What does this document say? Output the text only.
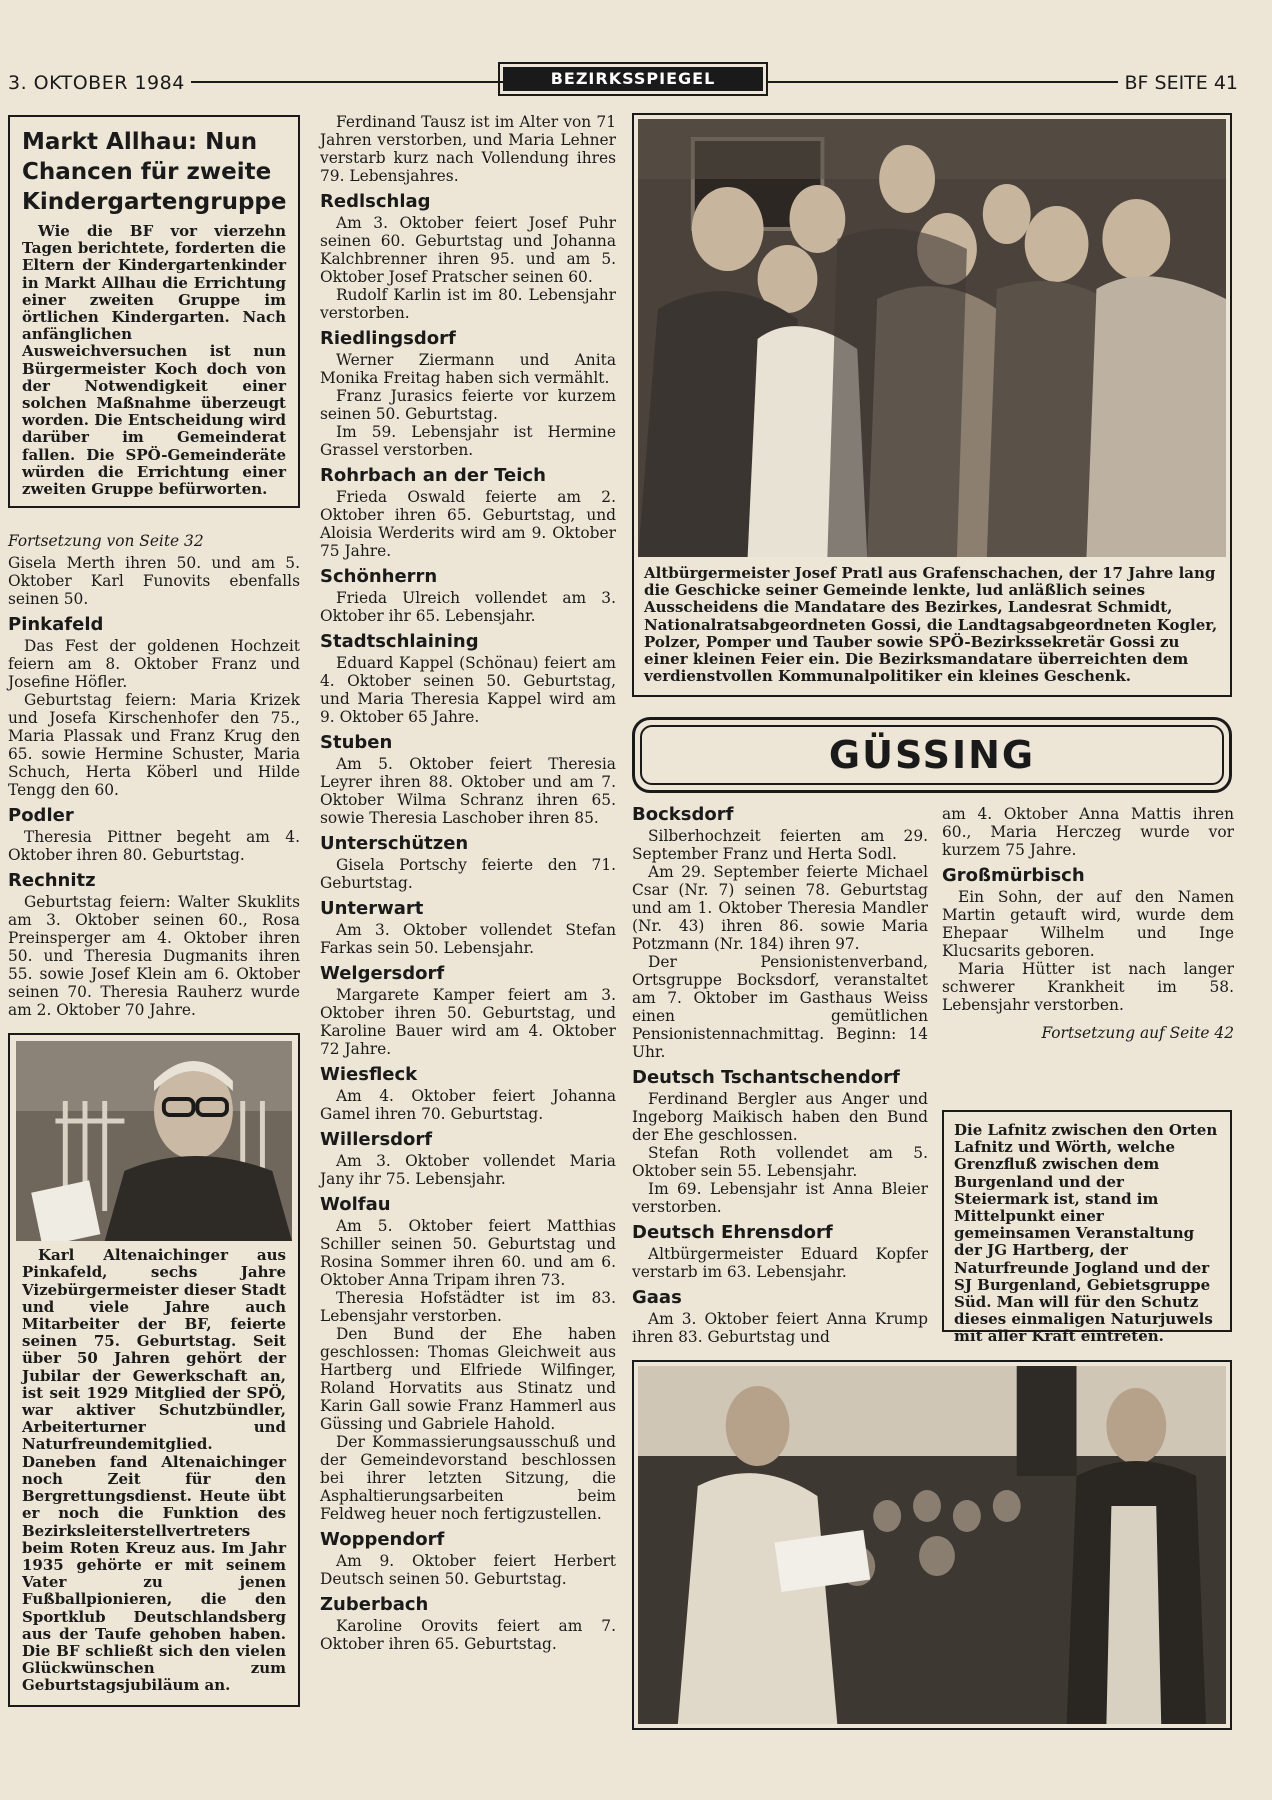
3. OKTOBER 1984	BEZIRKSSPIEGEL	BF SEITE 41
Markt Allhau: Nun Chancen für zweite Kindergartengruppe

Wie die BF vor vierzehn Tagen berichtete, forderten die Eltern der Kindergartenkinder in Markt Allhau die Errichtung einer zweiten Gruppe im örtlichen Kindergarten. Nach anfänglichen Ausweichversuchen ist nun Bürgermeister Koch doch von der Notwendigkeit einer solchen Maßnahme überzeugt worden. Die Entscheidung wird darüber im Gemeinderat fallen. Die SPÖ-Gemeinderäte würden die Errichtung einer zweiten Gruppe befürworten.

Fortsetzung von Seite 32

Gisela Merth ihren 50. und am 5. Oktober Karl Funovits ebenfalls seinen 50.

Pinkafeld

Das Fest der goldenen Hochzeit feiern am 8. Oktober Franz und Josefine Höfler.

Geburtstag feiern: Maria Krizek und Josefa Kirschenhofer den 75., Maria Plassak und Franz Krug den 65. sowie Hermine Schuster, Maria Schuch, Herta Köberl und Hilde Tengg den 60.

Podler

Theresia Pittner begeht am 4. Oktober ihren 80. Geburtstag.

Rechnitz

Geburtstag feiern: Walter Skuklits am 3. Oktober seinen 60., Rosa Preinsperger am 4. Oktober ihren 50. und Theresia Dugmanits ihren 55. sowie Josef Klein am 6. Oktober seinen 70. Theresia Rauherz wurde am 2. Oktober 70 Jahre.

Karl Altenaichinger aus Pinkafeld, sechs Jahre Vizebürgermeister dieser Stadt und viele Jahre auch Mitarbeiter der BF, feierte seinen 75. Geburtstag. Seit über 50 Jahren gehört der Jubilar der Gewerkschaft an, ist seit 1929 Mitglied der SPÖ, war aktiver Schutzbündler, Arbeiterturner und Naturfreundemitglied. Daneben fand Altenaichinger noch Zeit für den Bergrettungsdienst. Heute übt er noch die Funktion des Bezirksleiterstellvertreters beim Roten Kreuz aus. Im Jahr 1935 gehörte er mit seinem Vater zu jenen Fußballpionieren, die den Sportklub Deutschlandsberg aus der Taufe gehoben haben. Die BF schließt sich den vielen Glückwünschen zum Geburtstagsjubiläum an.

Ferdinand Tausz ist im Alter von 71 Jahren verstorben, und Maria Lehner verstarb kurz nach Vollendung ihres 79. Lebensjahres.

Redlschlag

Am 3. Oktober feiert Josef Puhr seinen 60. Geburtstag und Johanna Kalchbrenner ihren 95. und am 5. Oktober Josef Pratscher seinen 60.

Rudolf Karlin ist im 80. Lebensjahr verstorben.

Riedlingsdorf

Werner Ziermann und Anita Monika Freitag haben sich vermählt.

Franz Jurasics feierte vor kurzem seinen 50. Geburtstag.

Im 59. Lebensjahr ist Hermine Grassel verstorben.

Rohrbach an der Teich

Frieda Oswald feierte am 2. Oktober ihren 65. Geburtstag, und Aloisia Werderits wird am 9. Oktober 75 Jahre.

Schönherrn

Frieda Ulreich vollendet am 3. Oktober ihr 65. Lebensjahr.

Stadtschlaining

Eduard Kappel (Schönau) feiert am 4. Oktober seinen 50. Geburtstag, und Maria Theresia Kappel wird am 9. Oktober 65 Jahre.

Stuben

Am 5. Oktober feiert Theresia Leyrer ihren 88. Oktober und am 7. Oktober Wilma Schranz ihren 65. sowie Theresia Laschober ihren 85.

Unterschützen

Gisela Portschy feierte den 71. Geburtstag.

Unterwart

Am 3. Oktober vollendet Stefan Farkas sein 50. Lebensjahr.

Welgersdorf

Margarete Kamper feiert am 3. Oktober ihren 50. Geburtstag, und Karoline Bauer wird am 4. Oktober 72 Jahre.

Wiesfleck

Am 4. Oktober feiert Johanna Gamel ihren 70. Geburtstag.

Willersdorf

Am 3. Oktober vollendet Maria Jany ihr 75. Lebensjahr.

Wolfau

Am 5. Oktober feiert Matthias Schiller seinen 50. Geburtstag und Rosina Sommer ihren 60. und am 6. Oktober Anna Tripam ihren 73.

Theresia Hofstädter ist im 83. Lebensjahr verstorben.

Den Bund der Ehe haben geschlossen: Thomas Gleichweit aus Hartberg und Elfriede Wilfinger, Roland Horvatits aus Stinatz und Karin Gall sowie Franz Hammerl aus Güssing und Gabriele Hahold.

Der Kommassierungsausschuß und der Gemeindevorstand beschlossen bei ihrer letzten Sitzung, die Asphaltierungsarbeiten beim Feldweg heuer noch fertigzustellen.

Woppendorf

Am 9. Oktober feiert Herbert Deutsch seinen 50. Geburtstag.

Zuberbach

Karoline Orovits feiert am 7. Oktober ihren 65. Geburtstag.

Altbürgermeister Josef Pratl aus Grafenschachen, der 17 Jahre lang die Geschicke seiner Gemeinde lenkte, lud anläßlich seines Ausscheidens die Mandatare des Bezirkes, Landesrat Schmidt, Nationalratsabgeordneten Gossi, die Landtagsabgeordneten Kogler, Polzer, Pomper und Tauber sowie SPÖ-Bezirkssekretär Gossi zu einer kleinen Feier ein. Die Bezirksmandatare überreichten dem verdienstvollen Kommunalpolitiker ein kleines Geschenk.

GÜSSING
Bocksdorf

Silberhochzeit feierten am 29. September Franz und Herta Sodl.

Am 29. September feierte Michael Csar (Nr. 7) seinen 78. Geburtstag und am 1. Oktober Theresia Mandler (Nr. 43) ihren 86. sowie Maria Potzmann (Nr. 184) ihren 97.

Der Pensionistenverband, Ortsgruppe Bocksdorf, veranstaltet am 7. Oktober im Gasthaus Weiss einen gemütlichen Pensionistennachmittag. Beginn: 14 Uhr.

Deutsch Tschantschendorf

Ferdinand Bergler aus Anger und Ingeborg Maikisch haben den Bund der Ehe geschlossen.

Stefan Roth vollendet am 5. Oktober sein 55. Lebensjahr.

Im 69. Lebensjahr ist Anna Bleier verstorben.

Deutsch Ehrensdorf

Altbürgermeister Eduard Kopfer verstarb im 63. Lebensjahr.

Gaas

Am 3. Oktober feiert Anna Krump ihren 83. Geburtstag und

am 4. Oktober Anna Mattis ihren 60., Maria Herczeg wurde vor kurzem 75 Jahre.

Großmürbisch

Ein Sohn, der auf den Namen Martin getauft wird, wurde dem Ehepaar Wilhelm und Inge Klucsarits geboren.

Maria Hütter ist nach langer schwerer Krankheit im 58. Lebensjahr verstorben.

Fortsetzung auf Seite 42

Die Lafnitz zwischen den Orten Lafnitz und Wörth, welche Grenzfluß zwischen dem Burgenland und der Steiermark ist, stand im Mittelpunkt einer gemeinsamen Veranstaltung der JG Hartberg, der Naturfreunde Jogland und der SJ Burgenland, Gebietsgruppe Süd. Man will für den Schutz dieses einmaligen Naturjuwels mit aller Kraft eintreten.
